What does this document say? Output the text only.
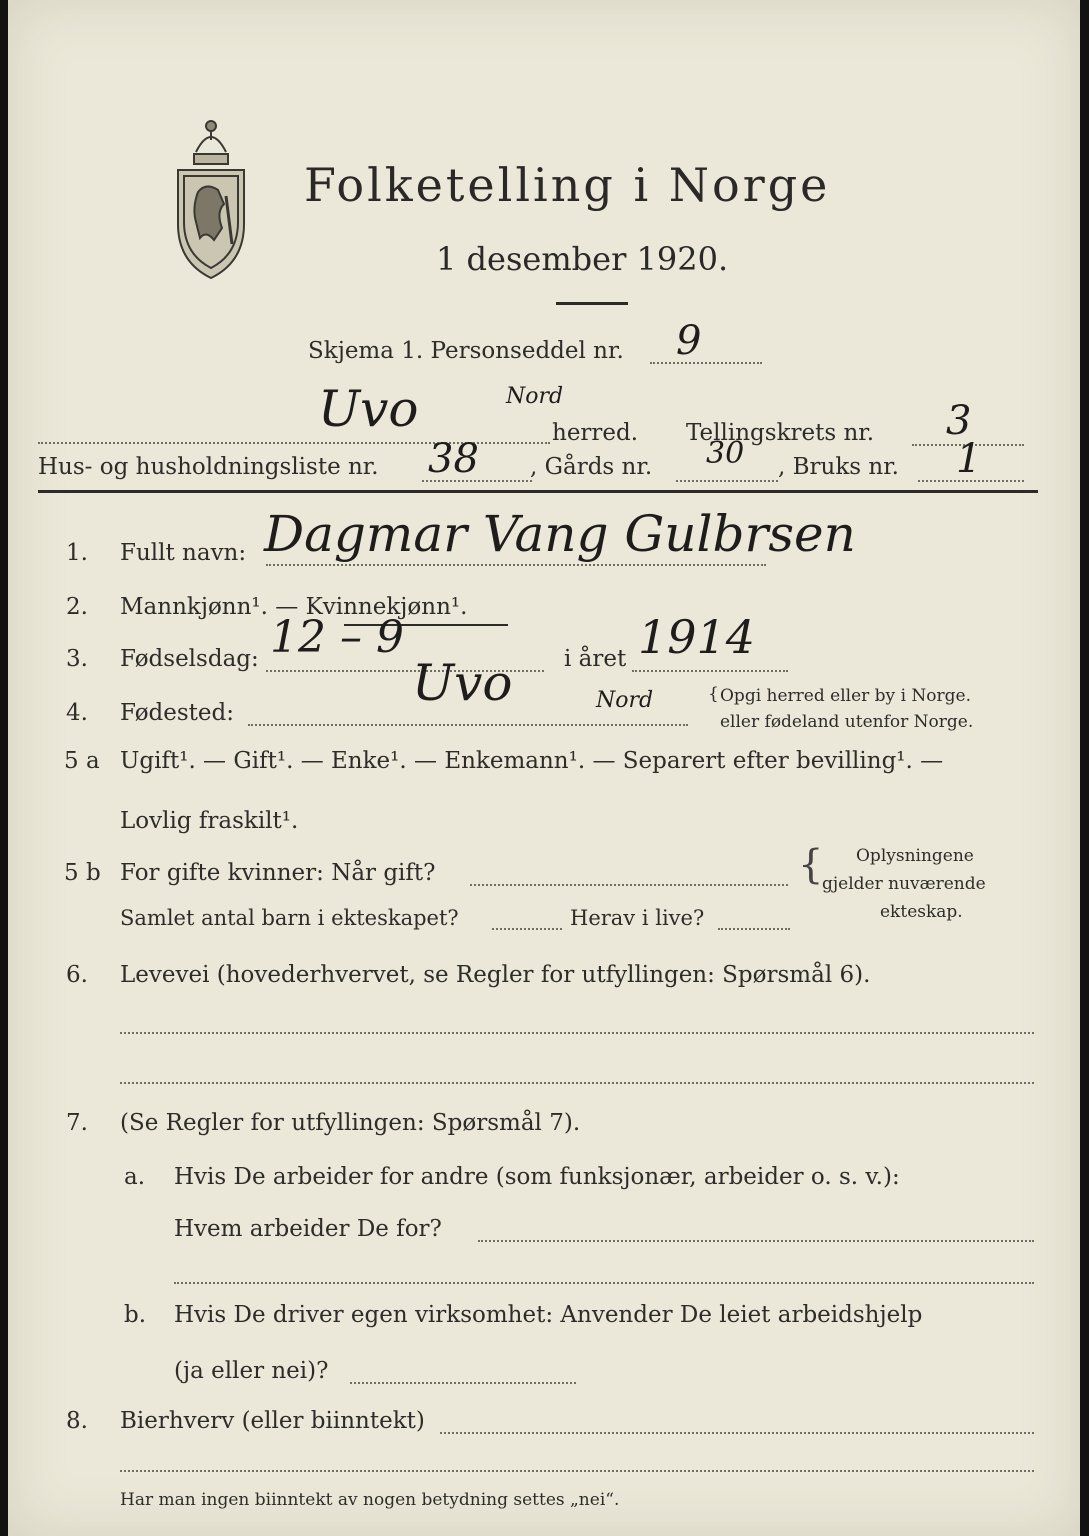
Folketelling i Norge
1 desember 1920.
Skjema 1. Personseddel nr. 9
Uvo	Nord
herred. Tellingskrets nr. 3
Hus- og husholdningsliste nr. 38 , Gårds nr. 30 , Bruks nr. 1
1. Fullt navn: Dagmar Vang Gulbrsen
2. Mannkjønn¹. — Kvinnekjønn¹.
3. Fødselsdag: 12 – 9	i året 1914
4. Fødested:
Uvo	Nord	{ Opgi herred eller by i Norge.
eller fødeland utenfor Norge.
5 a Ugift¹. — Gift¹. — Enke¹. — Enkemann¹. — Separert efter bevilling¹. —
Lovlig fraskilt¹.
5 b For gifte kvinner: Når gift?
Samlet antal barn i ekteskapet?	Herav i live?
{ Oplysningene
gjelder nuværende
ekteskap.
6. Levevei (hovederhvervet, se Regler for utfyllingen: Spørsmål 6).
7. (Se Regler for utfyllingen: Spørsmål 7).
a. Hvis De arbeider for andre (som funksjonær, arbeider o. s. v.):
Hvem arbeider De for?
b. Hvis De driver egen virksomhet: Anvender De leiet arbeidshjelp
(ja eller nei)?
8. Bierhverv (eller biinntekt)
Har man ingen biinntekt av nogen betydning settes „nei“.
